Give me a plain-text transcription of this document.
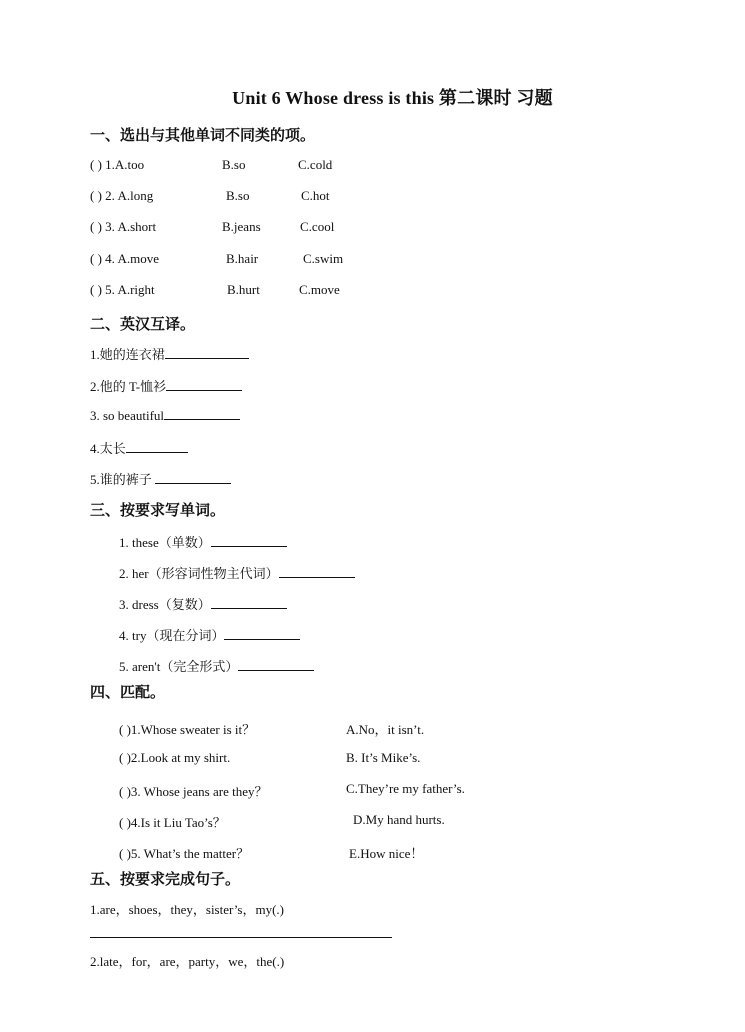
Unit 6 Whose dress is this 第二课时 习题
一、选出与其他单词不同类的项。
( ) 1.A.too	B.so	C.cold
( ) 2. A.long	B.so	C.hot
( ) 3. A.short	B.jeans	C.cool
( ) 4. A.move	B.hair	C.swim
( ) 5. A.right	B.hurt	C.move
二、英汉互译。
1.她的连衣裙
2.他的 T-恤衫
3. so beautiful
4.太长
5.谁的裤子
三、按要求写单词。
1. these（单数）
2. her（形容词性物主代词）
3. dress（复数）
4. try（现在分词）
5. aren't（完全形式）
四、匹配。
( )1.Whose sweater is it？	A.No，it isn’t.
( )2.Look at my shirt.	B. It’s Mike’s.
( )3. Whose jeans are they？	C.They’re my father’s.
( )4.Is it Liu Tao’s？	D.My hand hurts.
( )5. What’s the matter？	E.How nice！
五、按要求完成句子。
1.are，shoes，they，sister’s，my(.)
2.late，for，are，party，we，the(.)
